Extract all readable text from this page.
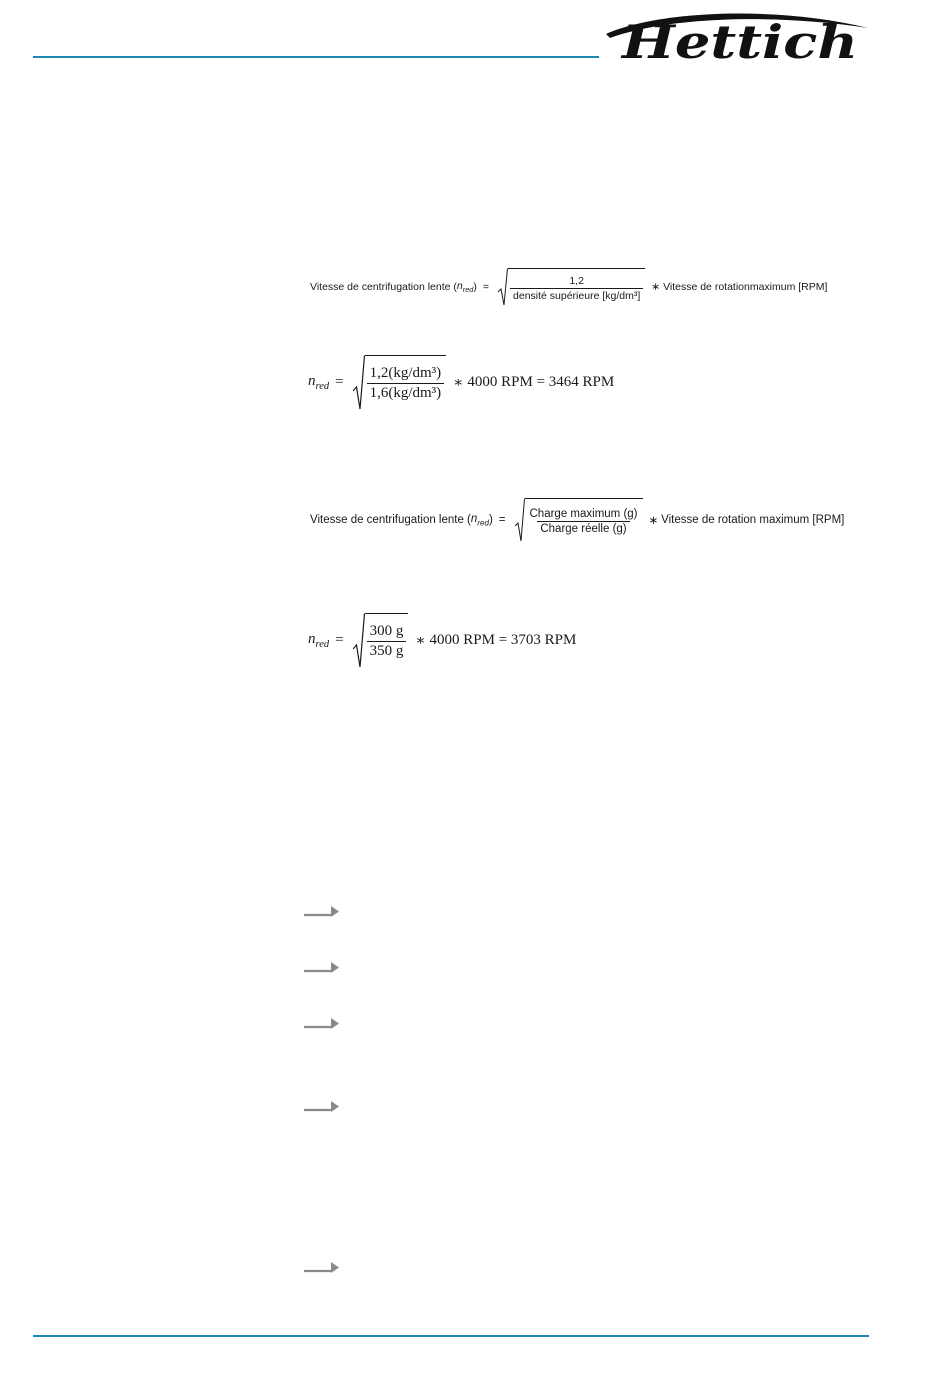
Hettich
Vitesse de centrifugation lente ( $n_{red}$ ) = $\frac{1,2}{\text{densité supérieure [kg/dm³]}}$ ∗ Vitesse de rotationmaximum [RPM]
$n_{red} = \frac{\text{1,2(kg/dm³)}}{\text{1,6(kg/dm³)}}$ ∗ 4000 RPM = 3464 RPM
Vitesse de centrifugation lente ( $n_{red}$ ) = $\frac{\text{Charge maximum (g)}}{\text{Charge réelle (g)}}$ ∗ Vitesse de rotation maximum [RPM]
$n_{red} = \frac{300 g}{350 g}$ ∗ 4000 RPM = 3703 RPM
